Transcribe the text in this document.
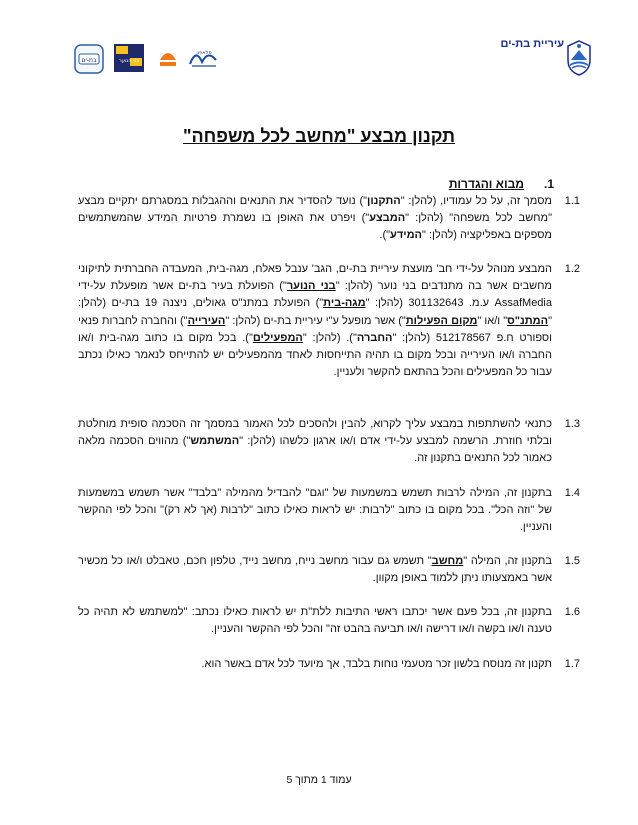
עיריית בת-ים
בת-ים	בני הנוער
פלאפון
תקנון מבצע "מחשב לכל משפחה"
1.מבוא והגדרות
1.1
מסמך זה, על כל עמודיו, (להלן: "התקנון") נועד להסדיר את התנאים וההגבלות במסגרתם יתקיים מבצע "מחשב לכל משפחה" (להלן: "המבצע") ויפרט את האופן בו נשמרת פרטיות המידע שהמשתמשים מספקים באפליקציה (להלן: "המידע").
1.2
המבצע מנוהל על-ידי חב' מועצת עיריית בת-ים, הגב' ענבל פאלח, מגה-בית, המעבדה החברתית לתיקוני מחשבים אשר בה מתנדבים בני נוער (להלן: "בני הנוער") הפועלת בעיר בת-ים אשר מופעלת על-ידי AssafMedia ע.מ. 301132643 (להלן: "מגה-בית") הפועלת במתנ"ס גאולים, ניצנה 19 בת-ים (להלן: "המתנ"ס" ו/או "מקום הפעילות") אשר מופעל ע"י עיריית בת-ים (להלן: "העירייה") והחברה לחברות פנאי וספורט ח.פ 512178567 (להלן: "החברה"). (להלן: "המפעילים"). בכל מקום בו כתוב מגה-בית ו/או החברה ו/או העירייה ובכל מקום בו תהיה התייחסות לאחד מהמפעילים יש להתייחס לנאמר כאילו נכתב עבור כל המפעילים והכל בהתאם להקשר ולעניין.
1.3
כתנאי להשתתפות במבצע עליך לקרוא, להבין ולהסכים לכל האמור במסמך זה הסכמה סופית מוחלטת ובלתי חוזרת. הרשמה למבצע על-ידי אדם ו/או ארגון כלשהו (להלן: "המשתמש") מהווים הסכמה מלאה כאמור לכל התנאים בתקנון זה.
1.4
בתקנון זה, המילה לרבות תשמש במשמעות של "וגם" להבדיל מהמילה "בלבד" אשר תשמש במשמעות של "וזה הכל". בכל מקום בו כתוב "לרבות: יש לראות כאילו כתוב "לרבות (אך לא רק)" והכל לפי ההקשר והעניין.
1.5
בתקנון זה, המילה "מחשב" תשמש גם עבור מחשב נייח, מחשב נייד, טלפון חכם, טאבלט ו/או כל מכשיר אשר באמצעותו ניתן ללמוד באופן מקוון.
1.6
בתקנון זה, בכל פעם אשר יכתבו ראשי התיבות ללת"ת יש לראות כאילו נכתב: "למשתמש לא תהיה כל טענה ו/או בקשה ו/או דרישה ו/או תביעה בהבט זה" והכל לפי ההקשר והעניין.
1.7
תקנון זה מנוסח בלשון זכר מטעמי נוחות בלבד, אך מיועד לכל אדם באשר הוא.
עמוד 1 מתוך 5
